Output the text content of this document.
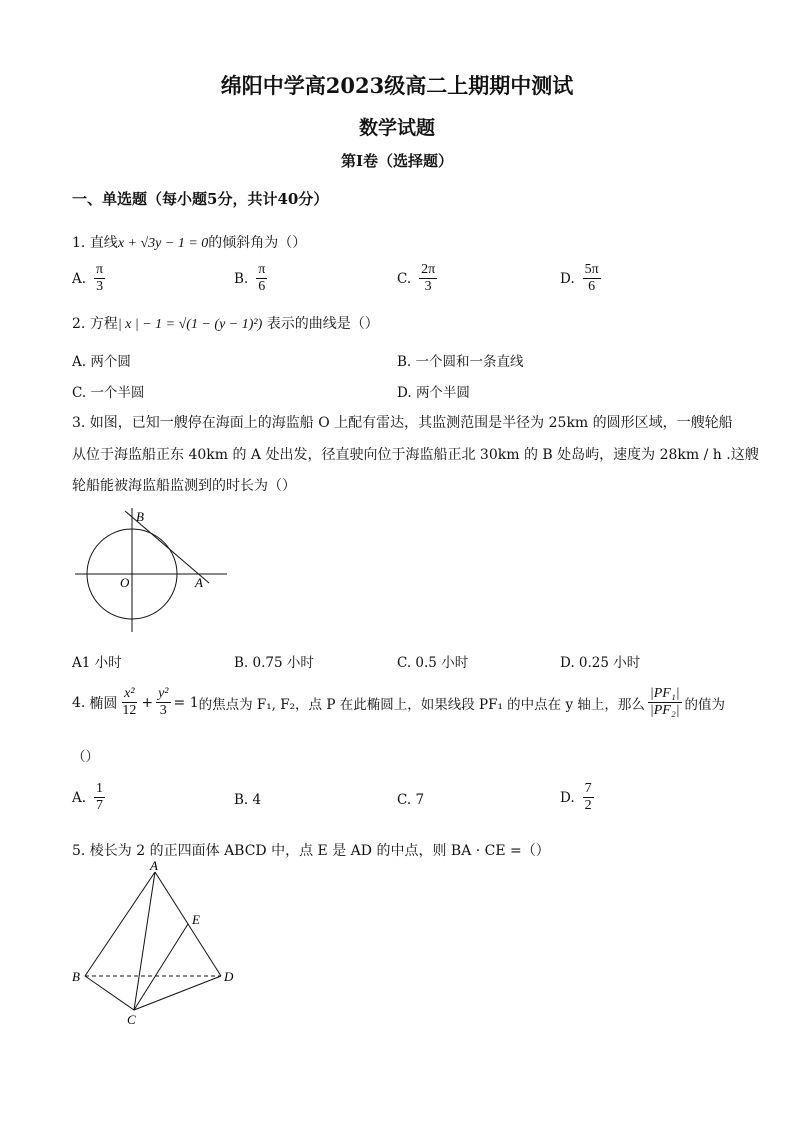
绵阳中学高2023级高二上期期中测试
数学试题
第I卷（选择题）
一、单选题（每小题5分，共计40分）
1. 直线x + √3y − 1 = 0的倾斜角为（）
A. $\frac{\pi}{3}$	B. $\frac{\pi}{6}$	C. $\frac{2\pi}{3}$	D. $\frac{5\pi}{6}$
2. 方程| x | − 1 = √(1 − (y − 1)²) 表示的曲线是（）
A. 两个圆	B. 一个圆和一条直线
C. 一个半圆	D. 两个半圆
3. 如图，已知一艘停在海面上的海监船 O 上配有雷达，其监测范围是半径为 25km 的圆形区域，一艘轮船
从位于海监船正东 40km 的 A 处出发，径直驶向位于海监船正北 30km 的 B 处岛屿，速度为 28km / h .这艘
轮船能被海监船监测到的时长为（）
B
O	A
A1 小时	B. 0.75 小时	C. 0.5 小时	D. 0.25 小时
4. 椭圆 $\frac{\text{x²}}{12} + \frac{\text{y²}}{3} = 1$ 的焦点为 F₁, F₂，点 P 在此椭圆上，如果线段 PF₁ 的中点在 y 轴上，那么 $\frac{\text{|PF₁|}}{\text{|PF₂|}}$ 的值为
（）
A. $\frac{1}{7}$	B. 4	C. 7	D. $\frac{7}{2}$
5. 棱长为 2 的正四面体 ABCD 中，点 E 是 AD 的中点，则 BA · CE =（）
A
E
B	D
C
